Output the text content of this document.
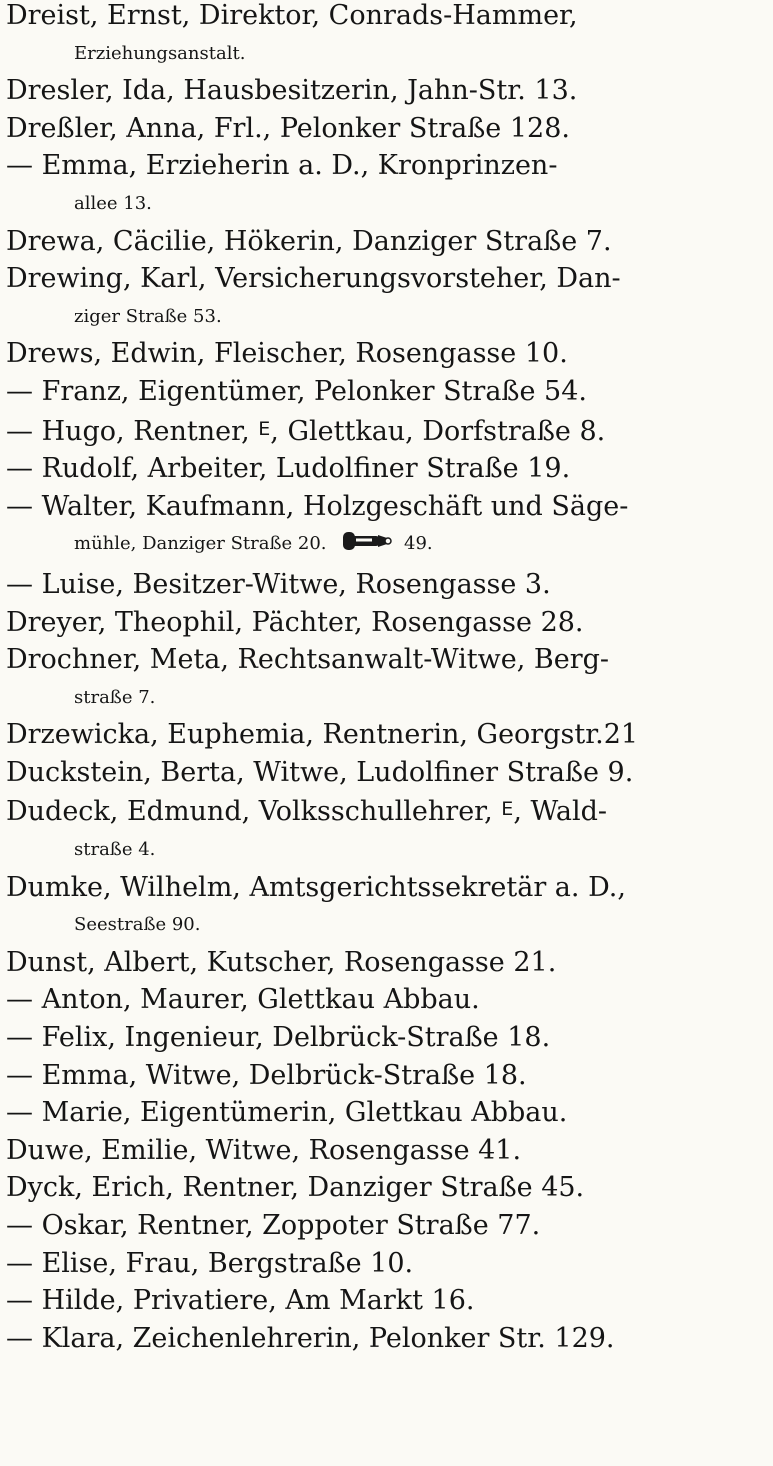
Dreist, Ernst, Direktor, Conrads-Hammer,
Erziehungsanstalt.
Dresler, Ida, Hausbesitzerin, Jahn-Str. 13.
Dreßler, Anna, Frl., Pelonker Straße 128.
— Emma, Erzieherin a. D., Kronprinzen-
allee 13.
Drewa, Cäcilie, Hökerin, Danziger Straße 7.
Drewing, Karl, Versicherungsvorsteher, Dan-
ziger Straße 53.
Drews, Edwin, Fleischer, Rosengasse 10.
— Franz, Eigentümer, Pelonker Straße 54.
— Hugo, Rentner, E, Glettkau, Dorfstraße 8.
— Rudolf, Arbeiter, Ludolfiner Straße 19.
— Walter, Kaufmann, Holzgeschäft und Säge-
mühle, Danziger Straße 20.	49.
— Luise, Besitzer-Witwe, Rosengasse 3.
Dreyer, Theophil, Pächter, Rosengasse 28.
Drochner, Meta, Rechtsanwalt-Witwe, Berg-
straße 7.
Drzewicka, Euphemia, Rentnerin, Georgstr.21
Duckstein, Berta, Witwe, Ludolfiner Straße 9.
Dudeck, Edmund, Volksschullehrer, E, Wald-
straße 4.
Dumke, Wilhelm, Amtsgerichtssekretär a. D.,
Seestraße 90.
Dunst, Albert, Kutscher, Rosengasse 21.
— Anton, Maurer, Glettkau Abbau.
— Felix, Ingenieur, Delbrück-Straße 18.
— Emma, Witwe, Delbrück-Straße 18.
— Marie, Eigentümerin, Glettkau Abbau.
Duwe, Emilie, Witwe, Rosengasse 41.
Dyck, Erich, Rentner, Danziger Straße 45.
— Oskar, Rentner, Zoppoter Straße 77.
— Elise, Frau, Bergstraße 10.
— Hilde, Privatiere, Am Markt 16.
— Klara, Zeichenlehrerin, Pelonker Str. 129.
